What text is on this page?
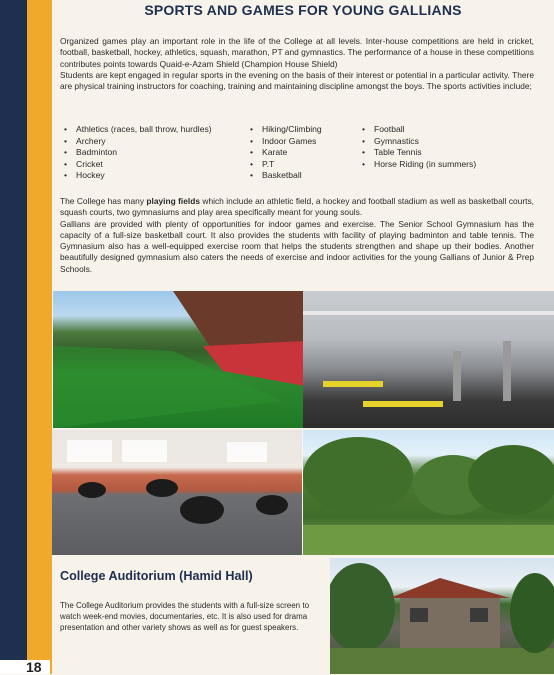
18
SPORTS AND GAMES FOR YOUNG GALLIANS
Organized games play an important role in the life of the College at all levels. Inter-house competitions are held in cricket, football, basketball, hockey, athletics, squash, marathon, PT and gymnastics. The performance of a house in these competitions contributes points towards Quaid-e-Azam Shield (Champion House Shield)
Students are kept engaged in regular sports in the evening on the basis of their interest or potential in a particular activity. There are physical training instructors for coaching, training and maintaining discipline amongst the boys. The sports activities include;
• Athletics (races, ball throw, hurdles)
• Archery
• Badminton
• Cricket
• Hockey
• Hiking/Climbing
• Indoor Games
• Karate
• P.T
• Basketball
• Football
• Gymnastics
• Table Tennis
• Horse Riding (in summers)
The College has many playing fields which include an athletic field, a hockey and football stadium as well as basketball courts, squash courts, two gymnasiums and play area specifically meant for young souls.
Gallians are provided with plenty of opportunities for indoor games and exercise. The Senior School Gymnasium has the capacity of a full-size basketball court. It also provides the students with facility of playing badminton and table tennis. The Gymnasium also has a well-equipped exercise room that helps the students strengthen and shape up their bodies. Another beautifully designed gymnasium also caters the needs of exercise and indoor activities for the young Gallians of Junior & Prep Schools.
College Auditorium (Hamid Hall)
The College Auditorium provides the students with a full-size screen to watch week-end movies, documentaries, etc. It is also used for drama presentation and other variety shows as well as for guest speakers.
